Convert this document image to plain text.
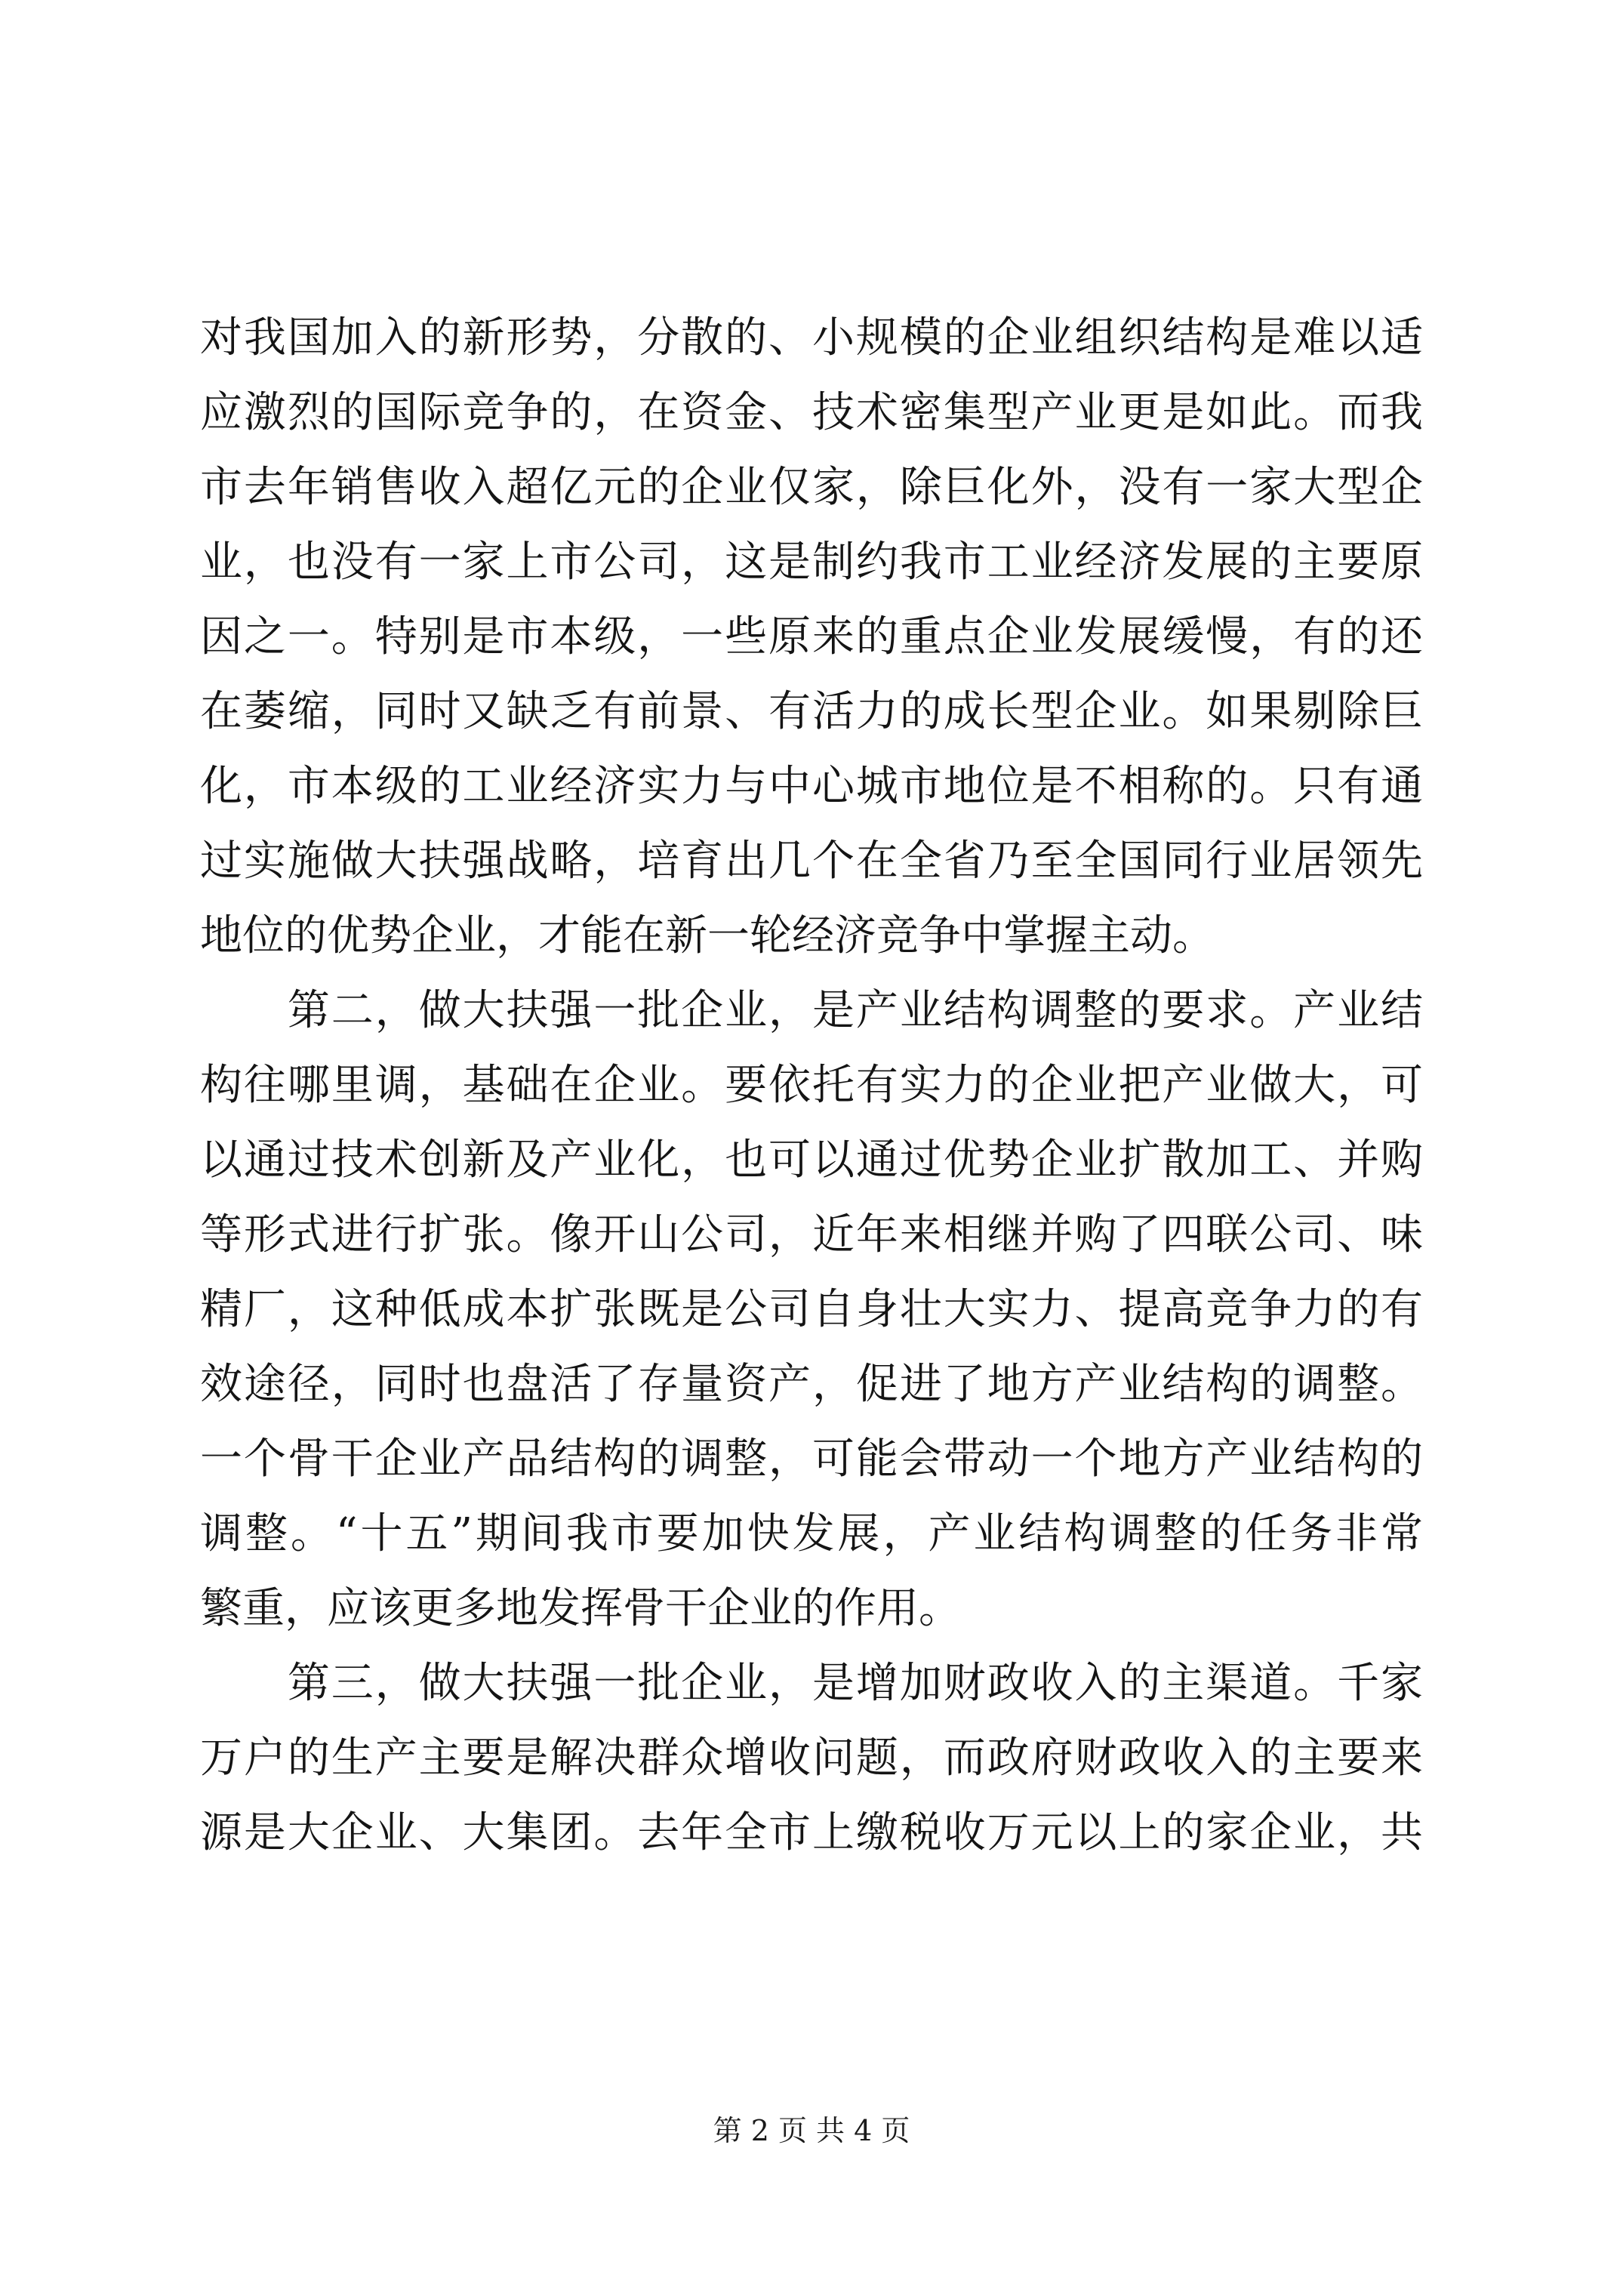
对我国加入的新形势，分散的、小规模的企业组织结构是难以适
应激烈的国际竞争的，在资金、技术密集型产业更是如此。而我
市去年销售收入超亿元的企业仅家，除巨化外，没有一家大型企
业，也没有一家上市公司，这是制约我市工业经济发展的主要原
因之一。特别是市本级，一些原来的重点企业发展缓慢，有的还
在萎缩，同时又缺乏有前景、有活力的成长型企业。如果剔除巨
化，市本级的工业经济实力与中心城市地位是不相称的。只有通
过实施做大扶强战略，培育出几个在全省乃至全国同行业居领先
地位的优势企业，才能在新一轮经济竞争中掌握主动。
　　第二，做大扶强一批企业，是产业结构调整的要求。产业结
构往哪里调，基础在企业。要依托有实力的企业把产业做大，可
以通过技术创新及产业化，也可以通过优势企业扩散加工、并购
等形式进行扩张。像开山公司，近年来相继并购了四联公司、味
精厂，这种低成本扩张既是公司自身壮大实力、提高竞争力的有
效途径，同时也盘活了存量资产，促进了地方产业结构的调整。
一个骨干企业产品结构的调整，可能会带动一个地方产业结构的
调整。“十五”期间我市要加快发展，产业结构调整的任务非常
繁重，应该更多地发挥骨干企业的作用。
　　第三，做大扶强一批企业，是增加财政收入的主渠道。千家
万户的生产主要是解决群众增收问题，而政府财政收入的主要来
源是大企业、大集团。去年全市上缴税收万元以上的家企业，共
第 2 页 共 4 页
